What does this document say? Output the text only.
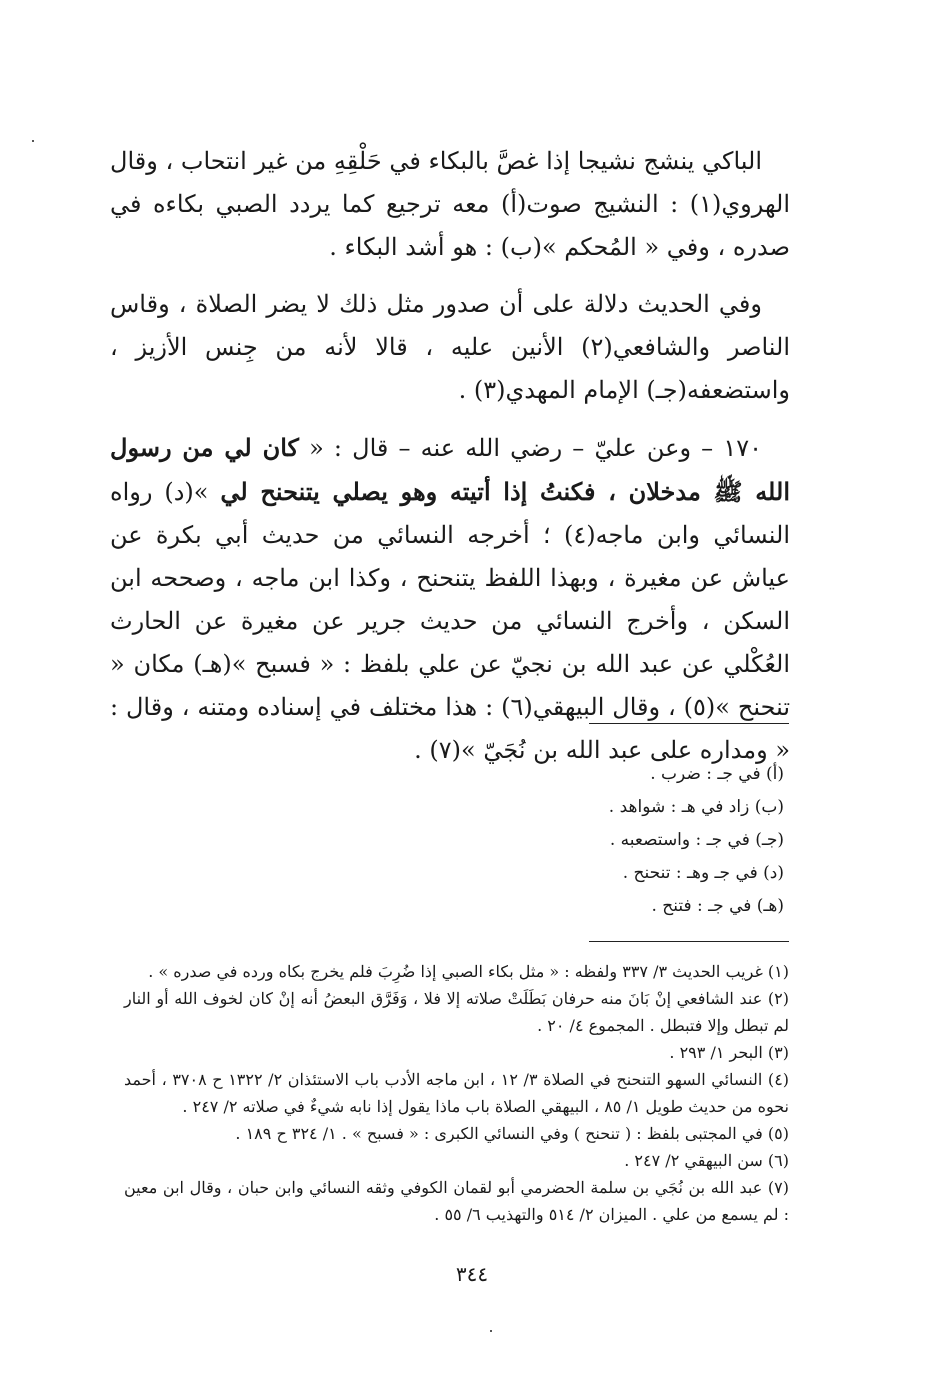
الباكي ينشج نشيجا إذا غصَّ بالبكاء في حَلْقِهِ من غير انتحاب ، وقال الهروي(١) : النشيج صوت(أ) معه ترجيع كما يردد الصبي بكاءه في صدره ، وفي « المُحكم »(ب) : هو أشد البكاء .

وفي الحديث دلالة على أن صدور مثل ذلك لا يضر الصلاة ، وقاس الناصر والشافعي(٢) الأنين عليه ، قالا لأنه من جِنس الأزيز ، واستضعفه(جـ) الإمام المهدي(٣) .

١٧٠ – وعن عليّ – رضي الله عنه – قال : « كان لي من رسول الله ﷺ مدخلان ، فكنتُ إذا أتيته وهو يصلي يتنحنح لي »(د) رواه النسائي وابن ماجه(٤) ؛ أخرجه النسائي من حديث أبي بكرة عن عياش عن مغيرة ، وبهذا اللفظ يتنحنح ، وكذا ابن ماجه ، وصححه ابن السكن ، وأخرج النسائي من حديث جرير عن مغيرة عن الحارث العُكْلي عن عبد الله بن نجيّ عن علي بلفظ : « فسبح »(هـ) مكان « تنحنح »(٥) ، وقال البيهقي(٦) : هذا مختلف في إسناده ومتنه ، وقال : « ومداره على عبد الله بن نُجَيّ »(٧) .

(أ) في جـ : ضرب .
(ب) زاد في هـ : شواهد .
(جـ) في جـ : واستصعبه .
(د) في جـ وهـ : تنحنح .
(هـ) في جـ : فتنح .
(١) غريب الحديث ٣/ ٣٣٧ ولفظه : « مثل بكاء الصبي إذا ضُرِبَ فلم يخرج بكاه ورده في صدره » .
(٢) عند الشافعي إنْ بَانَ منه حرفان بَطَلَتْ صلاته إلا فلا ، وَفَرَّق البعضُ أنه إنْ كان لخوف الله أو النار لم تبطل وإلا فتبطل . المجموع ٤/ ٢٠ .
(٣) البحر ١/ ٢٩٣ .
(٤) النسائي السهو التنحنح في الصلاة ٣/ ١٢ ، ابن ماجه الأدب باب الاستئذان ٢/ ١٣٢٢ ح ٣٧٠٨ ، أحمد نحوه من حديث طويل ١/ ٨٥ ، البيهقي الصلاة باب ماذا يقول إذا نابه شيءٌ في صلاته ٢/ ٢٤٧ .
(٥) في المجتبى بلفظ : ( تنحنح ) وفي النسائي الكبرى : « فسبح » . ١/ ٣٢٤ ح ١٨٩ .
(٦) سن البيهقي ٢/ ٢٤٧ .
(٧) عبد الله بن نُجَي بن سلمة الحضرمي أبو لقمان الكوفي وثقه النسائي وابن حبان ، وقال ابن معين : لم يسمع من علي . الميزان ٢/ ٥١٤ والتهذيب ٦/ ٥٥ .
٣٤٤
